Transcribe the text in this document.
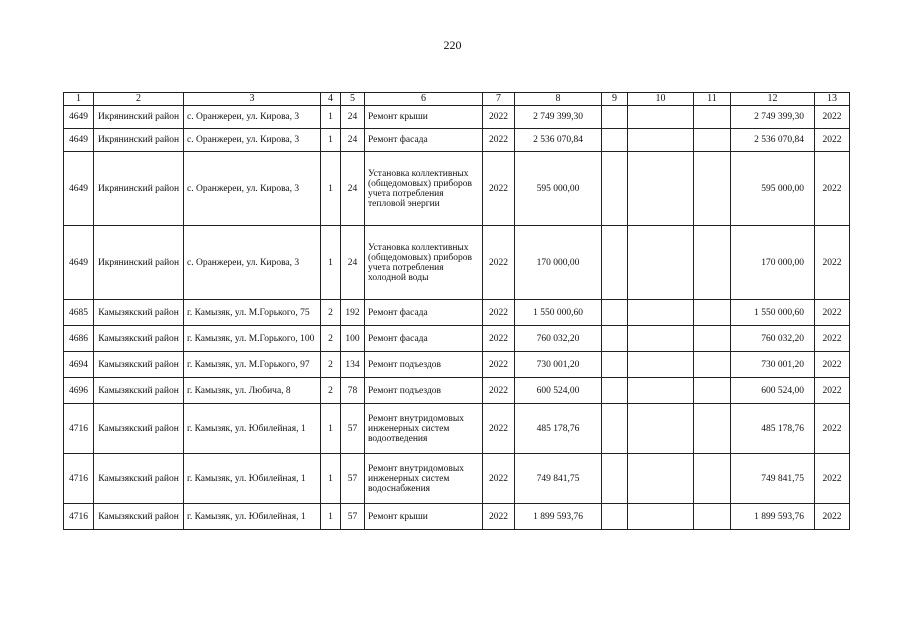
220
1	2	3	4	5	6	7	8	9	10	11	12	13
4649	Икрянинский район	с. Оранжереи, ул. Кирова, 3	1	24	Ремонт крыши	2022	2 749 399,30				2 749 399,30	2022
4649	Икрянинский район	с. Оранжереи, ул. Кирова, 3	1	24	Ремонт фасада	2022	2 536 070,84				2 536 070,84	2022
4649	Икрянинский район	с. Оранжереи, ул. Кирова, 3	1	24	Установка коллективных (общедомовых) приборов учета потребления тепловой энергии	2022	595 000,00				595 000,00	2022
4649	Икрянинский район	с. Оранжереи, ул. Кирова, 3	1	24	Установка коллективных (общедомовых) приборов учета потребления холодной воды	2022	170 000,00				170 000,00	2022
4685	Камызякский район	г. Камызяк, ул. М.Горького, 75	2	192	Ремонт фасада	2022	1 550 000,60				1 550 000,60	2022
4686	Камызякский район	г. Камызяк, ул. М.Горького, 100	2	100	Ремонт фасада	2022	760 032,20				760 032,20	2022
4694	Камызякский район	г. Камызяк, ул. М.Горького, 97	2	134	Ремонт подъездов	2022	730 001,20				730 001,20	2022
4696	Камызякский район	г. Камызяк, ул. Любича, 8	2	78	Ремонт подъездов	2022	600 524,00				600 524,00	2022
4716	Камызякский район	г. Камызяк, ул. Юбилейная, 1	1	57	Ремонт внутридомовых инженерных систем водоотведения	2022	485 178,76				485 178,76	2022
4716	Камызякский район	г. Камызяк, ул. Юбилейная, 1	1	57	Ремонт внутридомовых инженерных систем водоснабжения	2022	749 841,75				749 841,75	2022
4716	Камызякский район	г. Камызяк, ул. Юбилейная, 1	1	57	Ремонт крыши	2022	1 899 593,76				1 899 593,76	2022
